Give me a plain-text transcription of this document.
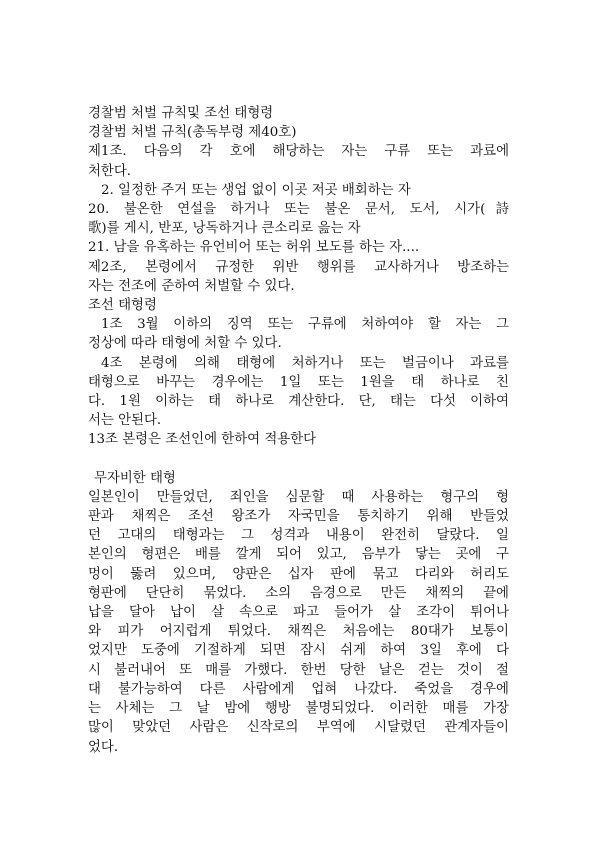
경찰범 처벌 규칙및 조선 태형령
경찰범 처벌 규칙(총독부령 제40호)
제1조. 다음의 각 호에 해당하는 자는 구류 또는 과료에
처한다.
2. 일정한 주거 또는 생업 없이 이곳 저곳 배회하는 자
20. 불온한 연설을 하거나 또는 불온 문서, 도서, 시가(詩
歌)를 게시, 반포, 낭독하거나 큰소리로 읊는 자
21. 남을 유혹하는 유언비어 또는 허위 보도를 하는 자....
제2조, 본령에서 규정한 위반 행위를 교사하거나 방조하는
자는 전조에 준하여 처벌할 수 있다.
조선 태형령
1조 3월 이하의 징역 또는 구류에 처하여야 할 자는 그
정상에 따라 태형에 처할 수 있다.
4조 본령에 의해 태형에 처하거나 또는 벌금이나 과료를
태형으로 바꾸는 경우에는 1일 또는 1원을 태 하나로 친
다. 1원 이하는 태 하나로 계산한다. 단, 태는 다섯 이하여
서는 안된다.
13조 본령은 조선인에 한하여 적용한다
무자비한 태형
일본인이 만들었던, 죄인을 심문할 때 사용하는 형구의 형
판과 채찍은 조선 왕조가 자국민을 통치하기 위해 반들었
던 고대의 태형과는 그 성격과 내용이 완전히 달랐다. 일
본인의 형편은 배를 깔게 되어 있고, 음부가 닿는 곳에 구
멍이 뚫려 있으며, 양판은 십자 판에 묶고 다리와 허리도
형판에 단단히 묶었다. 소의 음경으로 만든 채찍의 끝에
납을 달아 납이 살 속으로 파고 들어가 살 조각이 튀어나
와 피가 어지럽게 튀었다. 채찍은 처음에는 80대가 보통이
었지만 도중에 기절하게 되면 잠시 쉬게 하여 3일 후에 다
시 불러내어 또 매를 가했다. 한번 당한 날은 걷는 것이 절
대 불가능하여 다른 사람에게 업혀 나갔다. 죽었을 경우에
는 사체는 그 날 밤에 행방 불명되었다. 이러한 매를 가장
많이 맞았던 사람은 신작로의 부역에 시달렸던 관계자들이
었다.
